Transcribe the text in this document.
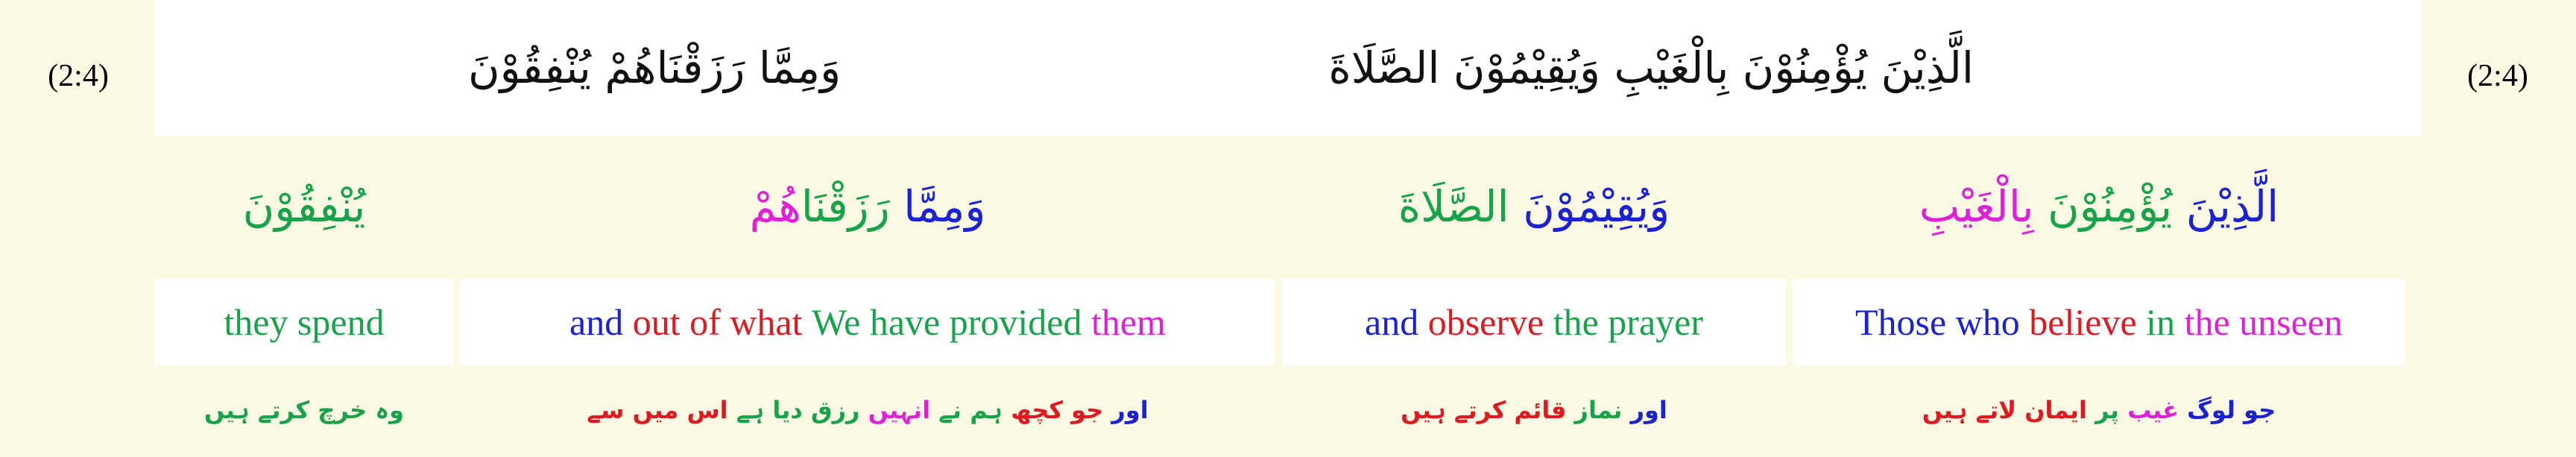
(2:4)	الَّذِيْنَ يُؤْمِنُوْنَ بِالْغَيْبِ وَيُقِيْمُوْنَ الصَّلَاةَ
وَمِمَّا رَزَقْنَاهُمْ يُنْفِقُوْنَ	(2:4)
الَّذِيْنَ

يُؤْمِنُوْنَ

بِالْغَيْبِ
Those who
believe
in
the unseen
جو لوگ

غیب

پر

ایمان لاتے ہیں
وَيُقِيْمُوْنَ

الصَّلَاةَ
and
observe
the prayer
اور

نماز

قائم کرتے ہیں
وَمِمَّا

رَزَقْنَا
هُمْ
and
out of what
We have provided
them
اور

جو کچھ

ہم نے

انہیں

رزق دیا ہے

اس میں سے
يُنْفِقُوْنَ
they spend
وہ خرچ کرتے ہیں
